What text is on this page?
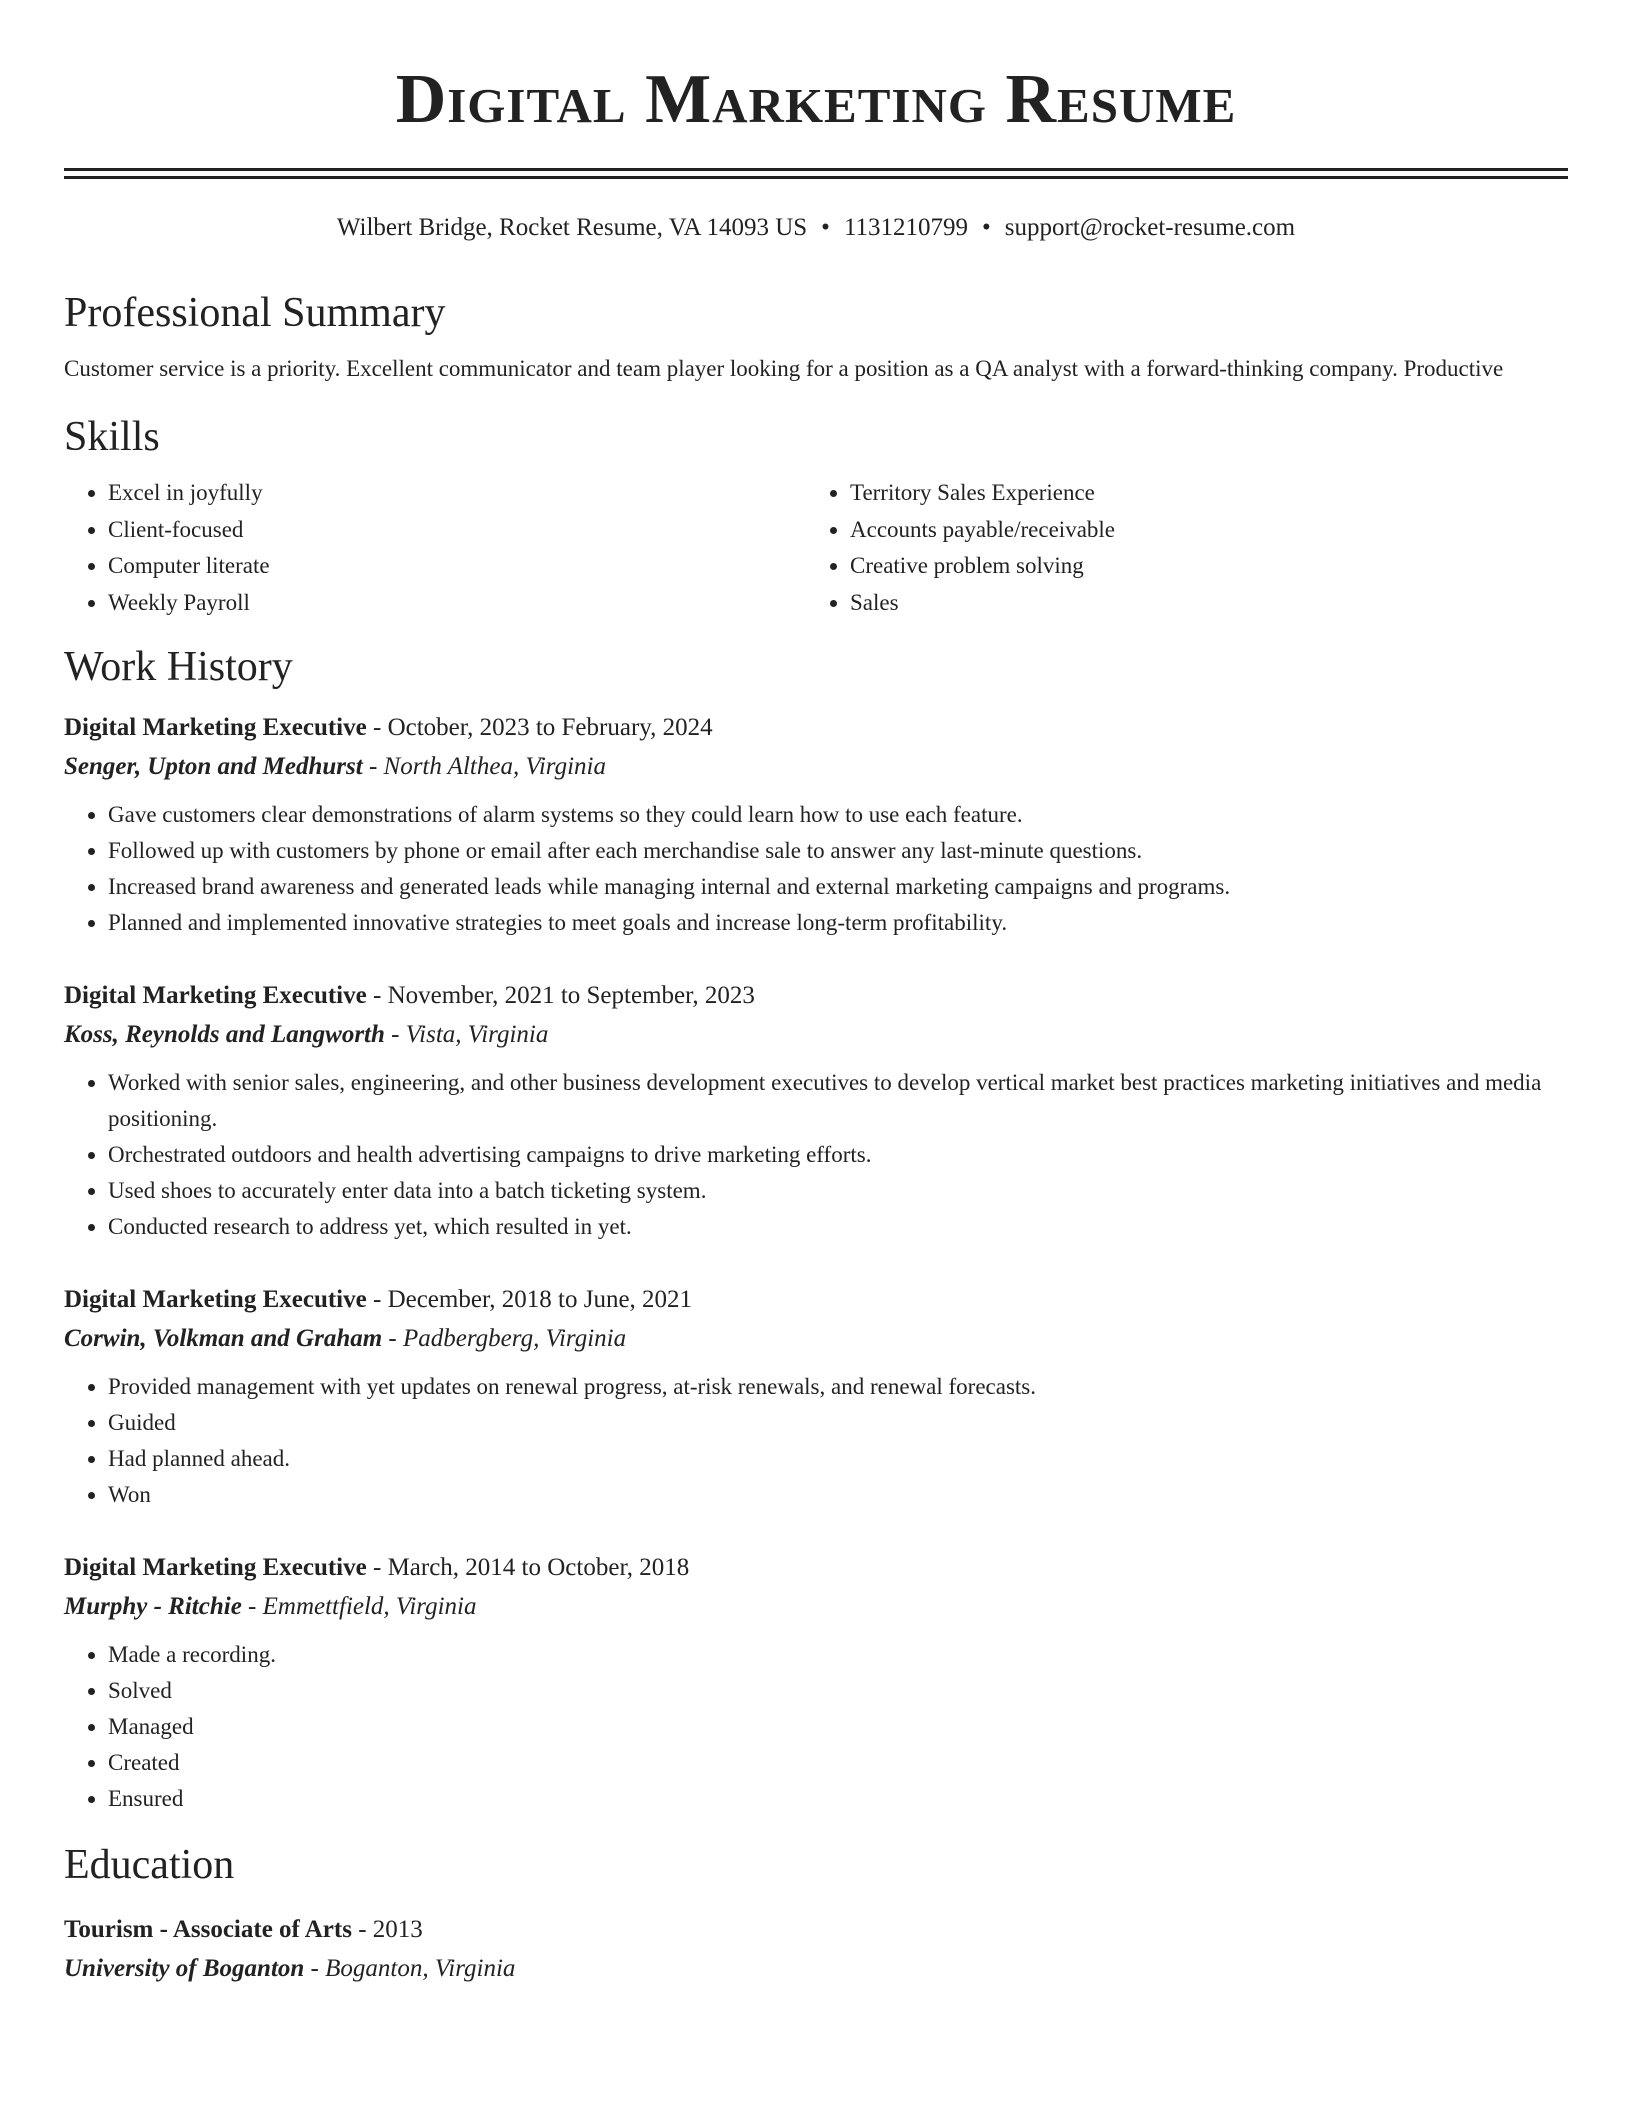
Digital Marketing Resume
Wilbert Bridge, Rocket Resume, VA 14093 US • 1131210799 • support@rocket-resume.com
Professional Summary
Customer service is a priority. Excellent communicator and team player looking for a position as a QA analyst with a forward-thinking company. Productive
Skills
• Excel in joyfully
• Client-focused
• Computer literate
• Weekly Payroll
• Territory Sales Experience
• Accounts payable/receivable
• Creative problem solving
• Sales
Work History
Digital Marketing Executive - October, 2023 to February, 2024
Senger, Upton and Medhurst - North Althea, Virginia
• Gave customers clear demonstrations of alarm systems so they could learn how to use each feature.
• Followed up with customers by phone or email after each merchandise sale to answer any last-minute questions.
• Increased brand awareness and generated leads while managing internal and external marketing campaigns and programs.
• Planned and implemented innovative strategies to meet goals and increase long-term profitability.
Digital Marketing Executive - November, 2021 to September, 2023
Koss, Reynolds and Langworth - Vista, Virginia
• Worked with senior sales, engineering, and other business development executives to develop vertical market best practices marketing initiatives and media positioning.
• Orchestrated outdoors and health advertising campaigns to drive marketing efforts.
• Used shoes to accurately enter data into a batch ticketing system.
• Conducted research to address yet, which resulted in yet.
Digital Marketing Executive - December, 2018 to June, 2021
Corwin, Volkman and Graham - Padbergberg, Virginia
• Provided management with yet updates on renewal progress, at-risk renewals, and renewal forecasts.
• Guided
• Had planned ahead.
• Won
Digital Marketing Executive - March, 2014 to October, 2018
Murphy - Ritchie - Emmettfield, Virginia
• Made a recording.
• Solved
• Managed
• Created
• Ensured
Education
Tourism - Associate of Arts - 2013
University of Boganton - Boganton, Virginia
